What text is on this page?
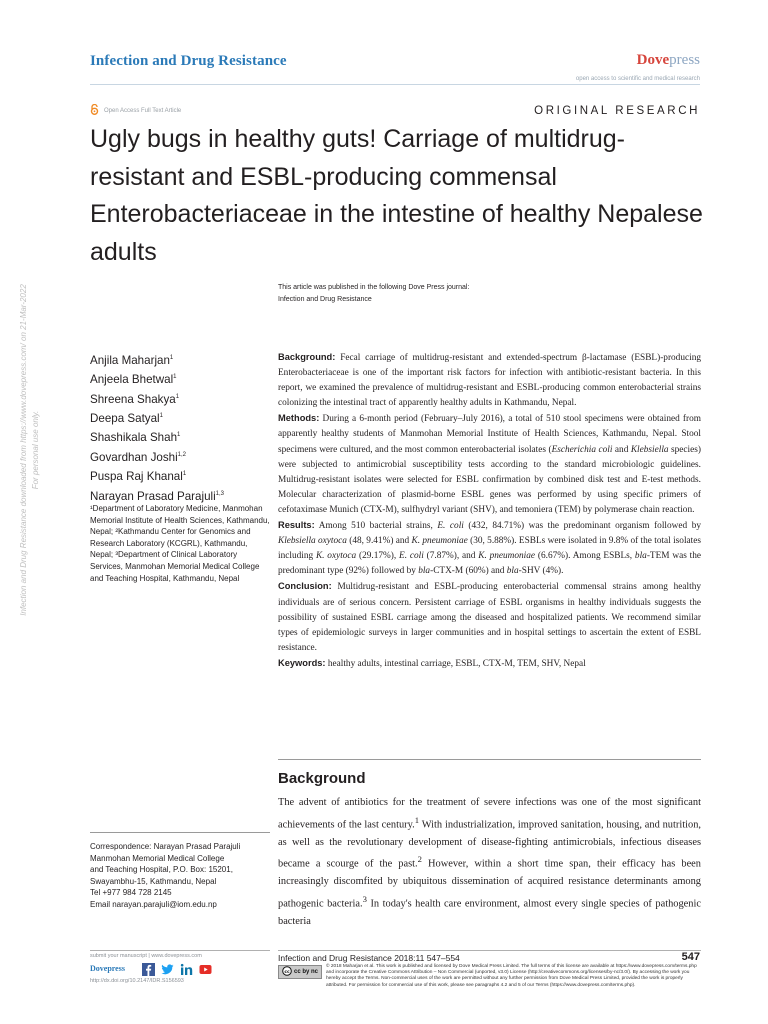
Infection and Drug Resistance	Dovepress
open access to scientific and medical research
Open Access Full Text Article	ORIGINAL RESEARCH
Ugly bugs in healthy guts! Carriage of multidrug-resistant and ESBL-producing commensal Enterobacteriaceae in the intestine of healthy Nepalese adults
This article was published in the following Dove Press journal:
Infection and Drug Resistance
Anjila Maharjan$^1$
Anjeela Bhetwal$^1$
Shreena Shakya$^1$
Deepa Satyal$^1$
Shashikala Shah$^1$
Govardhan Joshi$^{1,2}$
Puspa Raj Khanal$^1$
Narayan Prasad Parajuli$^{1,3}$
¹Department of Laboratory Medicine, Manmohan Memorial Institute of Health Sciences, Kathmandu, Nepal; ²Kathmandu Center for Genomics and Research Laboratory (KCGRL), Kathmandu, Nepal; ³Department of Clinical Laboratory Services, Manmohan Memorial Medical College and Teaching Hospital, Kathmandu, Nepal
Correspondence: Narayan Prasad Parajuli
Manmohan Memorial Medical College
and Teaching Hospital, P.O. Box: 15201,
Swayambhu-15, Kathmandu, Nepal
Tel +977 984 728 2145
Email narayan.parajuli@iom.edu.np

Background: Fecal carriage of multidrug-resistant and extended-spectrum β-lactamase (ESBL)-producing Enterobacteriaceae is one of the important risk factors for infection with antibiotic-resistant bacteria. In this report, we examined the prevalence of multidrug-resistant and ESBL-producing common enterobacterial strains colonizing the intestinal tract of apparently healthy adults in Kathmandu, Nepal.

Methods: During a 6-month period (February–July 2016), a total of 510 stool specimens were obtained from apparently healthy students of Manmohan Memorial Institute of Health Sciences, Kathmandu, Nepal. Stool specimens were cultured, and the most common enterobacterial isolates (Escherichia coli and Klebsiella species) were subjected to antimicrobial susceptibility tests according to the standard microbiologic guidelines. Multidrug-resistant isolates were selected for ESBL confirmation by combined disk test and E-test methods. Molecular characterization of plasmid-borne ESBL genes was performed by using specific primers of cefotaximase Munich (CTX-M), sulfhydryl variant (SHV), and temoniera (TEM) by polymerase chain reaction.

Results: Among 510 bacterial strains, E. coli (432, 84.71%) was the predominant organism followed by Klebsiella oxytoca (48, 9.41%) and K. pneumoniae (30, 5.88%). ESBLs were isolated in 9.8% of the total isolates including K. oxytoca (29.17%), E. coli (7.87%), and K. pneumoniae (6.67%). Among ESBLs, bla-TEM was the predominant type (92%) followed by bla-CTX-M (60%) and bla-SHV (4%).

Conclusion: Multidrug-resistant and ESBL-producing enterobacterial commensal strains among healthy individuals are of serious concern. Persistent carriage of ESBL organisms in healthy individuals suggests the possibility of sustained ESBL carriage among the diseased and hospitalized patients. We recommend similar types of epidemiologic surveys in larger communities and in hospital settings to ascertain the extent of ESBL resistance.

Keywords: healthy adults, intestinal carriage, ESBL, CTX-M, TEM, SHV, Nepal

Background

The advent of antibiotics for the treatment of severe infections was one of the most significant achievements of the last century.$^1$ With industrialization, improved sanitation, housing, and nutrition, as well as the revolutionary development of disease-fighting antimicrobials, infectious diseases became a scourge of the past.$^2$ However, within a short time span, their efficacy has been increasingly discomfited by ubiquitous dissemination of acquired resistance determinants among pathogenic bacteria.$^3$ In today's health care environment, almost every single species of pathogenic bacteria

submit your manuscript | www.dovepress.com
Dovepress
http://dx.doi.org/10.2147/IDR.S156593
Infection and Drug Resistance 2018:11 547–554	547
cc cc by nc
© 2018 Maharjan et al. This work is published and licensed by Dove Medical Press Limited. The full terms of this license are available at https://www.dovepress.com/terms.php and incorporate the Creative Commons Attribution – Non Commercial (unported, v3.0) License (http://creativecommons.org/licenses/by-nc/3.0/). By accessing the work you hereby accept the Terms. Non-commercial uses of the work are permitted without any further permission from Dove Medical Press Limited, provided the work is properly attributed. For permission for commercial use of this work, please see paragraphs 4.2 and 5 of our Terms (https://www.dovepress.com/terms.php).
Infection and Drug Resistance downloaded from https://www.dovepress.com/ on 21-Mar-2022 For personal use only.
